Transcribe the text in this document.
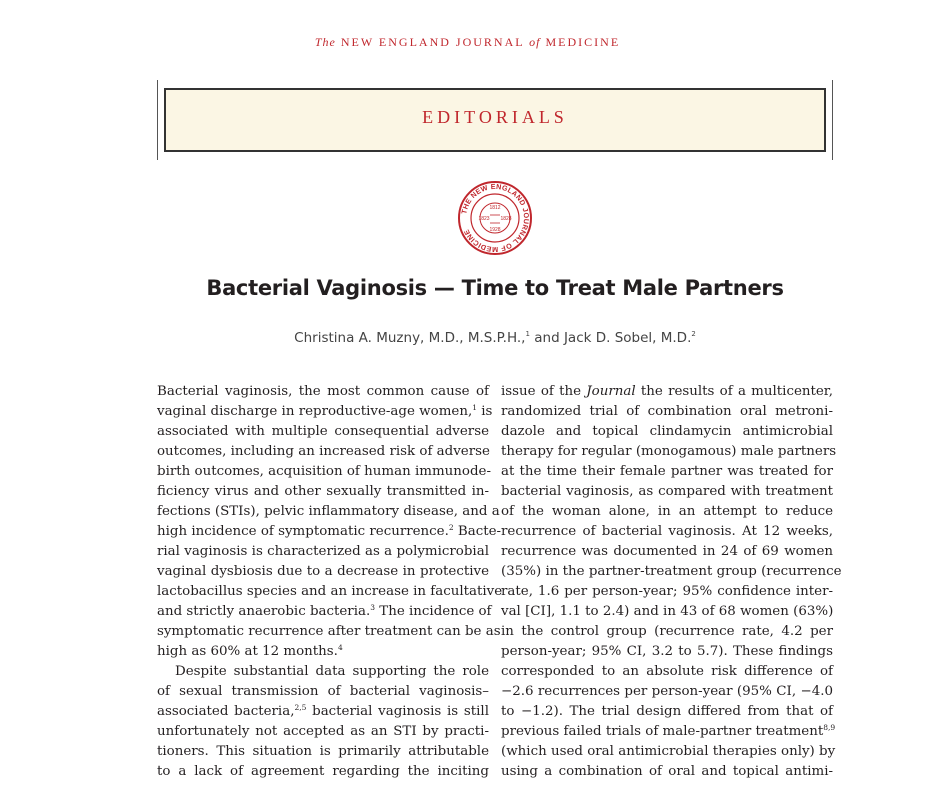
The NEW ENGLAND JOURNAL of MEDICINE
EDITORIALS
THE NEW ENGLAND JOURNAL OF MEDICINE
1812
1823 1828
1928
Bacterial Vaginosis — Time to Treat Male Partners
Christina A. Muzny, M.D., M.S.P.H.,$^1$ and Jack D. Sobel, M.D.$^2$
Bacterial vaginosis, the most common cause of
vaginal discharge in reproductive-age women,$^1$ is
associated with multiple consequential adverse
outcomes, including an increased risk of adverse
birth outcomes, acquisition of human immunode-
ficiency virus and other sexually transmitted in-
fections (STIs), pelvic inflammatory disease, and a
high incidence of symptomatic recurrence.$^2$ Bacte-
rial vaginosis is characterized as a polymicrobial
vaginal dysbiosis due to a decrease in protective
lactobacillus species and an increase in facultative
and strictly anaerobic bacteria.$^3$ The incidence of
symptomatic recurrence after treatment can be as
high as 60% at 12 months.$^4$
Despite substantial data supporting the role
of sexual transmission of bacterial vaginosis–
associated bacteria,$^{2,5}$ bacterial vaginosis is still
unfortunately not accepted as an STI by practi-
tioners. This situation is primarily attributable
to a lack of agreement regarding the inciting
issue of the Journal the results of a multicenter,
randomized trial of combination oral metroni-
dazole and topical clindamycin antimicrobial
therapy for regular (monogamous) male partners
at the time their female partner was treated for
bacterial vaginosis, as compared with treatment
of the woman alone, in an attempt to reduce
recurrence of bacterial vaginosis. At 12 weeks,
recurrence was documented in 24 of 69 women
(35%) in the partner-treatment group (recurrence
rate, 1.6 per person-year; 95% confidence inter-
val [CI], 1.1 to 2.4) and in 43 of 68 women (63%)
in the control group (recurrence rate, 4.2 per
person-year; 95% CI, 3.2 to 5.7). These findings
corresponded to an absolute risk difference of
−2.6 recurrences per person-year (95% CI, −4.0
to −1.2). The trial design differed from that of
previous failed trials of male-partner treatment$^{8,9}$
(which used oral antimicrobial therapies only) by
using a combination of oral and topical antimi-
